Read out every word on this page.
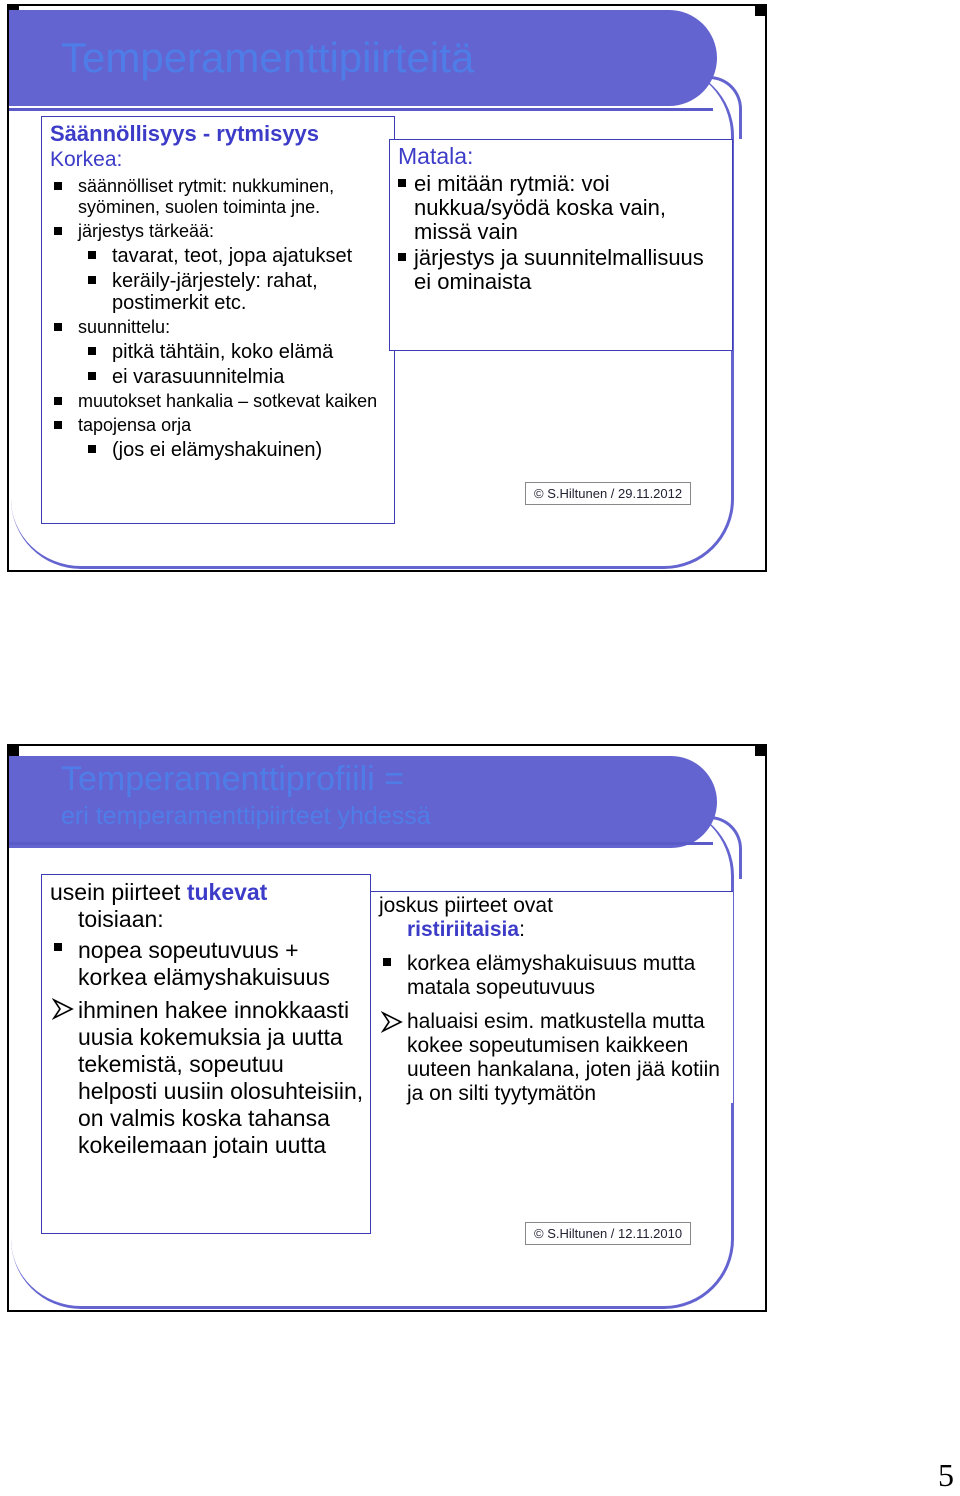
Temperamenttipiirteitä
Säännöllisyys - rytmisyys
Korkea:
säännölliset rytmit: nukkuminen, syöminen, suolen toiminta jne.
järjestys tärkeää:
tavarat, teot, jopa ajatukset
keräily-järjestely: rahat, postimerkit etc.
suunnittelu:
pitkä tähtäin, koko elämä
ei varasuunnitelmia
muutokset hankalia – sotkevat kaiken
tapojensa orja
(jos ei elämyshakuinen)
Matala:
ei mitään rytmiä: voi nukkua/syödä koska vain, missä vain
järjestys ja suunnitelmallisuus ei ominaista
© S.Hiltunen / 29.11.2012
Temperamenttiprofiili =
eri temperamenttipiirteet yhdessä
usein piirteet tukevat
toisiaan:
nopea sopeutuvuus + korkea elämyshakuisuus
ihminen hakee innokkaasti uusia kokemuksia ja uutta tekemistä, sopeutuu helposti uusiin olosuhteisiin, on valmis koska tahansa kokeilemaan jotain uutta
joskus piirteet ovat
ristiriitaisia:
korkea elämyshakuisuus mutta matala sopeutuvuus
haluaisi esim. matkustella mutta kokee sopeutumisen kaikkeen uuteen hankalana, joten jää kotiin ja on silti tyytymätön
© S.Hiltunen / 12.11.2010
5
